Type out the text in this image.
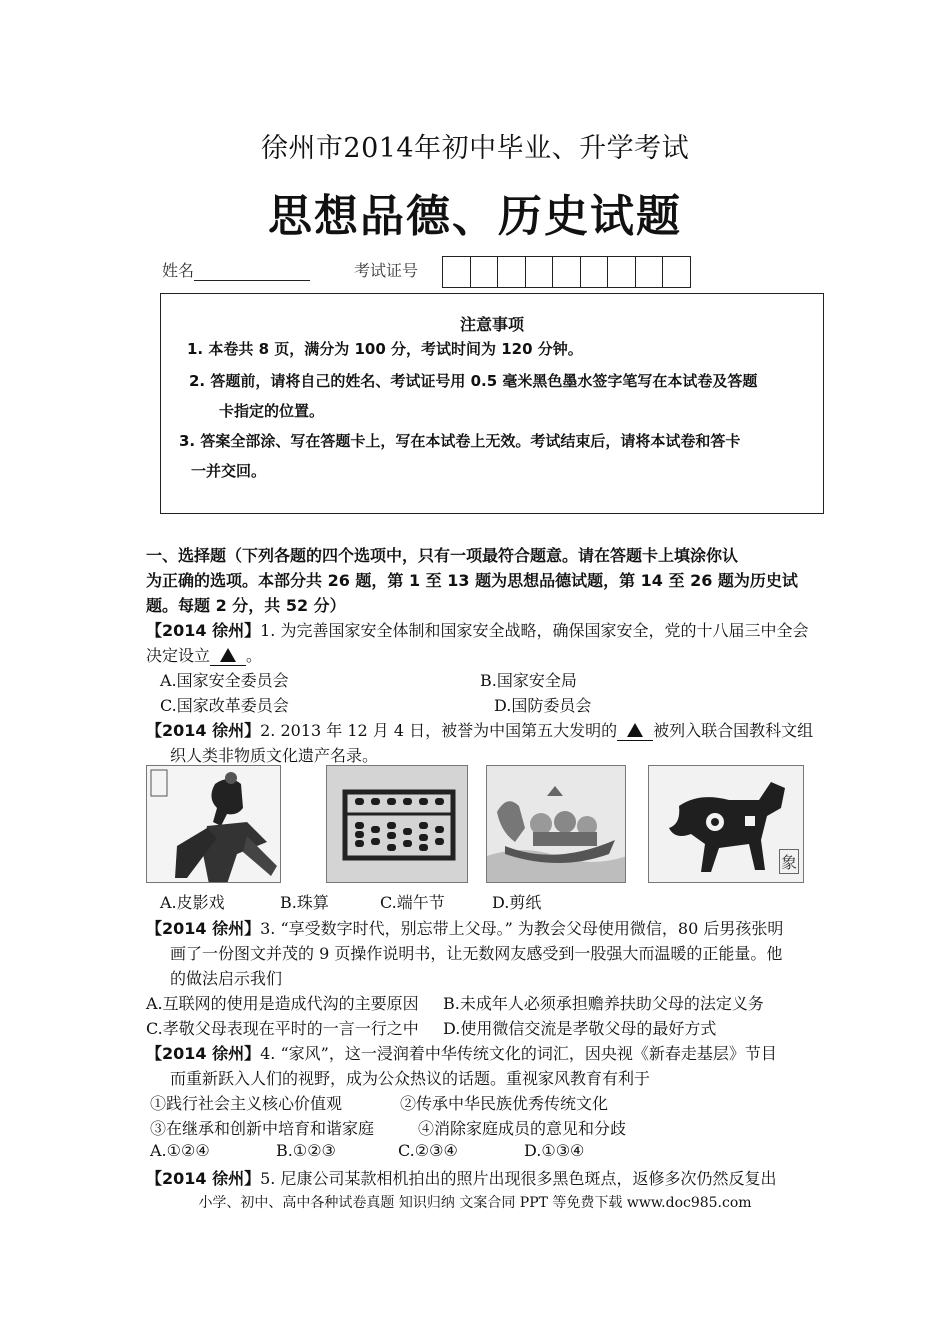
徐州市2014年初中毕业、升学考试
思想品德、历史试题
姓名	考试证号
注意事项
1. 本卷共 8 页，满分为 100 分，考试时间为 120 分钟。
2. 答题前，请将自己的姓名、考试证号用 0.5 毫米黑色墨水签字笔写在本试卷及答题
卡指定的位置。
3. 答案全部涂、写在答题卡上，写在本试卷上无效。考试结束后，请将本试卷和答卡
一并交回。
一、选择题（下列各题的四个选项中，只有一项最符合题意。请在答题卡上填涂你认
为正确的选项。本部分共 26 题，第 1 至 13 题为思想品德试题，第 14 至 26 题为历史试
题。每题 2 分，共 52 分）
【2014 徐州】1. 为完善国家安全体制和国家安全战略，确保国家安全，党的十八届三中全会
决定设立 。
A.国家安全委员会	B.国家安全局
C.国家改革委员会	D.国防委员会
【2014 徐州】2. 2013 年 12 月 4 日，被誉为中国第五大发明的 被列入联合国教科文组
织人类非物质文化遗产名录。
象
A.皮影戏	B.珠算	C.端午节	D.剪纸
【2014 徐州】3. “享受数字时代，别忘带上父母。” 为教会父母使用微信，80 后男孩张明
画了一份图文并茂的 9 页操作说明书，让无数网友感受到一股强大而温暖的正能量。他
的做法启示我们
A.互联网的使用是造成代沟的主要原因 B.未成年人必须承担赡养扶助父母的法定义务
C.孝敬父母表现在平时的一言一行之中 D.使用微信交流是孝敬父母的最好方式
【2014 徐州】4. “家风”，这一浸润着中华传统文化的词汇，因央视《新春走基层》节目
而重新跃入人们的视野，成为公众热议的话题。重视家风教育有利于
①践行社会主义核心价值观	②传承中华民族优秀传统文化
③在继承和创新中培育和谐家庭	④消除家庭成员的意见和分歧
A.①②④	B.①②③	C.②③④	D.①③④
【2014 徐州】5. 尼康公司某款相机拍出的照片出现很多黑色斑点，返修多次仍然反复出
小学、初中、高中各种试卷真题 知识归纳 文案合同 PPT 等免费下载 www.doc985.com
